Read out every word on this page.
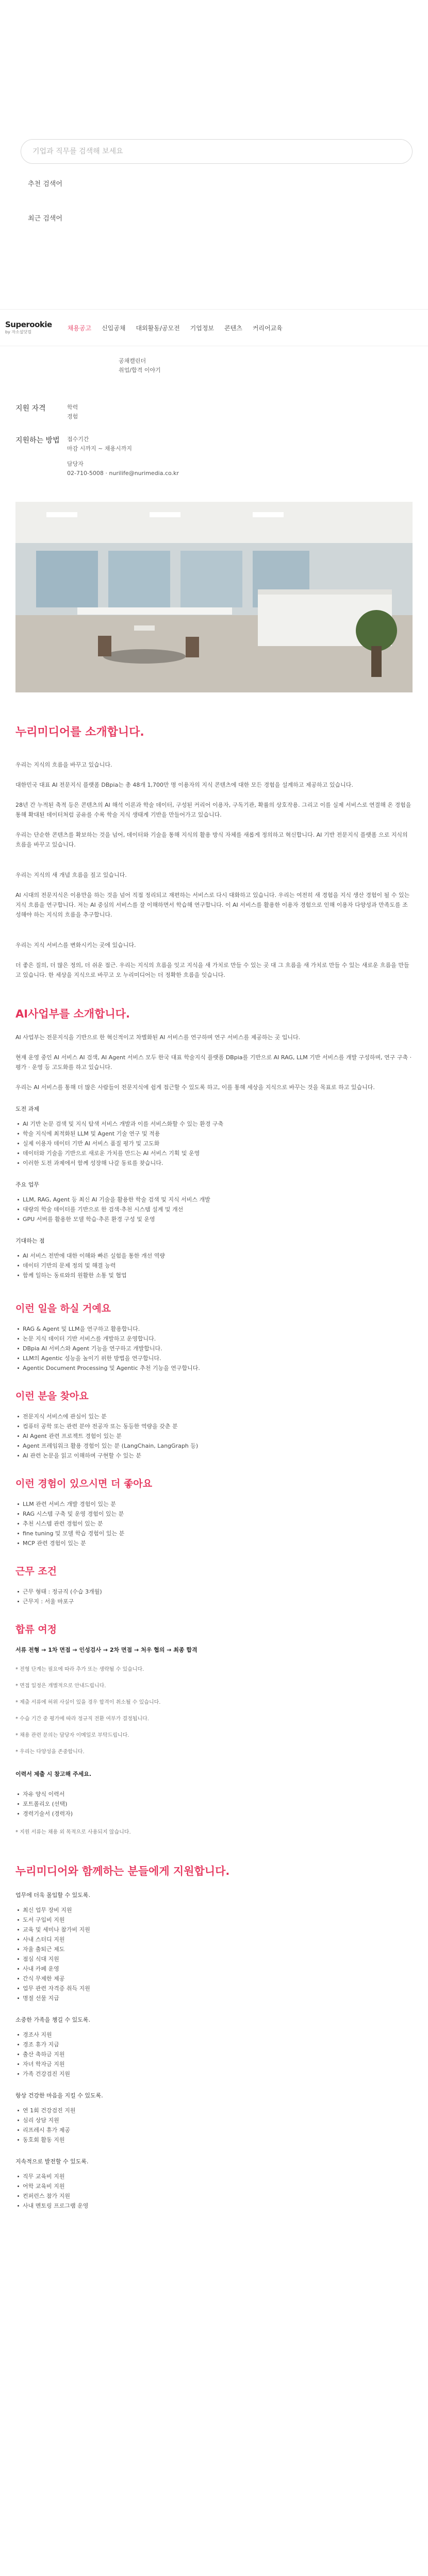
기업과 직무를 검색해 보세요
추천 검색어
최근 검색어
Superookie
by 자소설닷컴
채용공고 신입공채 대외활동/공모전 기업정보 콘텐츠 커리어교육
공채캘린더
취업/합격 이야기
지원 자격	학력
경험
지원하는 방법	접수기간
마감 시까지 ~ 채용시까지
담당자
02-710-5008 · nurilife@nurimedia.co.kr
누리미디어를 소개합니다.
우리는 지식의 흐름을 바꾸고 있습니다.
대한민국 대표 AI 전문지식 플랫폼 DBpia는 총 48개 1,700만 명 이용자의 지식 콘텐츠에 대한 모든 경험을 설계하고 제공하고 있습니다.
28년 간 누적된 축적 등은 콘텐츠의 AI 해석 이론과 학술 데이터, 구성된 커리어 이용자, 구독기관, 확률의 상호작용. 그리고 이를 실제 서비스로 연결해 온 경험을 통해 확대된 데이터처럼 공유를 수록 학술 지식 생태계 기반을 만들어가고 있습니다.
우리는 단순한 콘텐츠를 확보하는 것을 넘어, 데이터와 기술을 통해 지식의 활용 방식 자체를 새롭게 정의하고 혁신합니다. AI 기반 전문지식 플랫폼 으로 지식의 흐름을 바꾸고 있습니다.
우리는 지식의 새 개념 흐름을 짚고 있습니다.
AI 시대의 전문지식은 이용만을 하는 것을 넘어 직접 정리되고 재편하는 서비스로 다시 대화하고 있습니다. 우리는 여전히 새 경험을 지식 생산 경험이 될 수 있는 지식 흐름을 연구합니다. 저는 AI 중심의 서비스를 잘 이해하면서 학습해 연구합니다. 이 AI 서비스를 활용한 이용자 경험으로 인해 이용자 다양성과 만족도를 조성해야 하는 지식의 흐름을 추구합니다.
우리는 지식 서비스를 변화시키는 곳에 있습니다.
더 좋은 질의, 더 많은 정의, 더 쉬운 접근. 우리는 지식의 흐름을 잇고 지식을 새 가치로 만들 수 있는 곳 대 그 흐름을 새 가치로 만들 수 있는 새로운 흐름을 만들고 있습니다. 한 세상을 지식으로 바꾸고 오 누리미디어는 더 정확한 흐름을 잇습니다.
AI사업부를 소개합니다.
AI 사업부는 전문지식을 기반으로 한 혁신적이고 차별화된 AI 서비스를 연구하며 연구 서비스를 제공하는 곳 입니다.
현재 운영 중인 AI 서비스 AI 검색, AI Agent 서비스 모두 한국 대표 학술지식 플랫폼 DBpia를 기반으로 AI RAG, LLM 기반 서비스를 개발 구성하며, 연구 구축 · 평가 · 운영 등 고도화를 하고 있습니다.
우리는 AI 서비스를 통해 더 많은 사람들이 전문지식에 쉽게 접근할 수 있도록 하고, 이를 통해 세상을 지식으로 바꾸는 것을 목표로 하고 있습니다.
도전 과제
AI 기반 논문 검색 및 지식 탐색 서비스 개발과 이를 서비스화할 수 있는 환경 구축
학술 지식에 최적화된 LLM 및 Agent 기술 연구 및 적용
실제 이용자 데이터 기반 AI 서비스 품질 평가 및 고도화
데이터와 기술을 기반으로 새로운 가치를 만드는 AI 서비스 기획 및 운영
이러한 도전 과제에서 함께 성장해 나갈 동료를 찾습니다.
주요 업무
LLM, RAG, Agent 등 최신 AI 기술을 활용한 학술 검색 및 지식 서비스 개발
대량의 학술 데이터를 기반으로 한 검색·추천 시스템 설계 및 개선
GPU 서버를 활용한 모델 학습·추론 환경 구성 및 운영
기대하는 점
AI 서비스 전반에 대한 이해와 빠른 실험을 통한 개선 역량
데이터 기반의 문제 정의 및 해결 능력
함께 일하는 동료와의 원활한 소통 및 협업
이런 일을 하실 거예요
RAG & Agent 및 LLM을 연구하고 활용합니다.
논문 지식 데이터 기반 서비스를 개발하고 운영합니다.
DBpia AI 서비스와 Agent 기능을 연구하고 개발합니다.
LLM의 Agentic 성능을 높이기 위한 방법을 연구합니다.
Agentic Document Processing 및 Agentic 추천 기능을 연구합니다.
이런 분을 찾아요
전문지식 서비스에 관심이 있는 분
컴퓨터 공학 또는 관련 분야 전공자 또는 동등한 역량을 갖춘 분
AI Agent 관련 프로젝트 경험이 있는 분
Agent 프레임워크 활용 경험이 있는 분 (LangChain, LangGraph 등)
AI 관련 논문을 읽고 이해하며 구현할 수 있는 분
이런 경험이 있으시면 더 좋아요
LLM 관련 서비스 개발 경험이 있는 분
RAG 시스템 구축 및 운영 경험이 있는 분
추천 시스템 관련 경험이 있는 분
fine tuning 및 모델 학습 경험이 있는 분
MCP 관련 경험이 있는 분
근무 조건
근무 형태 : 정규직 (수습 3개월)
근무지 : 서울 마포구
합류 여정
서류 전형 → 1차 면접 → 인성검사 → 2차 면접 → 처우 협의 → 최종 합격
* 전형 단계는 필요에 따라 추가 또는 생략될 수 있습니다.
* 면접 일정은 개별적으로 안내드립니다.
* 제출 서류에 허위 사실이 있을 경우 합격이 취소될 수 있습니다.
* 수습 기간 중 평가에 따라 정규직 전환 여부가 결정됩니다.
* 채용 관련 문의는 담당자 이메일로 부탁드립니다.
* 우리는 다양성을 존중합니다.
이력서 제출 시 참고해 주세요.
자유 양식 이력서
포트폴리오 (선택)
경력기술서 (경력자)
* 지원 서류는 채용 외 목적으로 사용되지 않습니다.
누리미디어와 함께하는 분들에게 지원합니다.
업무에 더욱 몰입할 수 있도록.
최신 업무 장비 지원
도서 구입비 지원
교육 및 세미나 참가비 지원
사내 스터디 지원
자율 출퇴근 제도
점심 식대 지원
사내 카페 운영
간식 무제한 제공
업무 관련 자격증 취득 지원
명절 선물 지급
소중한 가족을 챙길 수 있도록.
경조사 지원
경조 휴가 지급
출산 축하금 지원
자녀 학자금 지원
가족 건강검진 지원
항상 건강한 마음을 지킬 수 있도록.
연 1회 건강검진 지원
심리 상담 지원
리프레시 휴가 제공
동호회 활동 지원
지속적으로 발전할 수 있도록.
직무 교육비 지원
어학 교육비 지원
컨퍼런스 참가 지원
사내 멘토링 프로그램 운영
